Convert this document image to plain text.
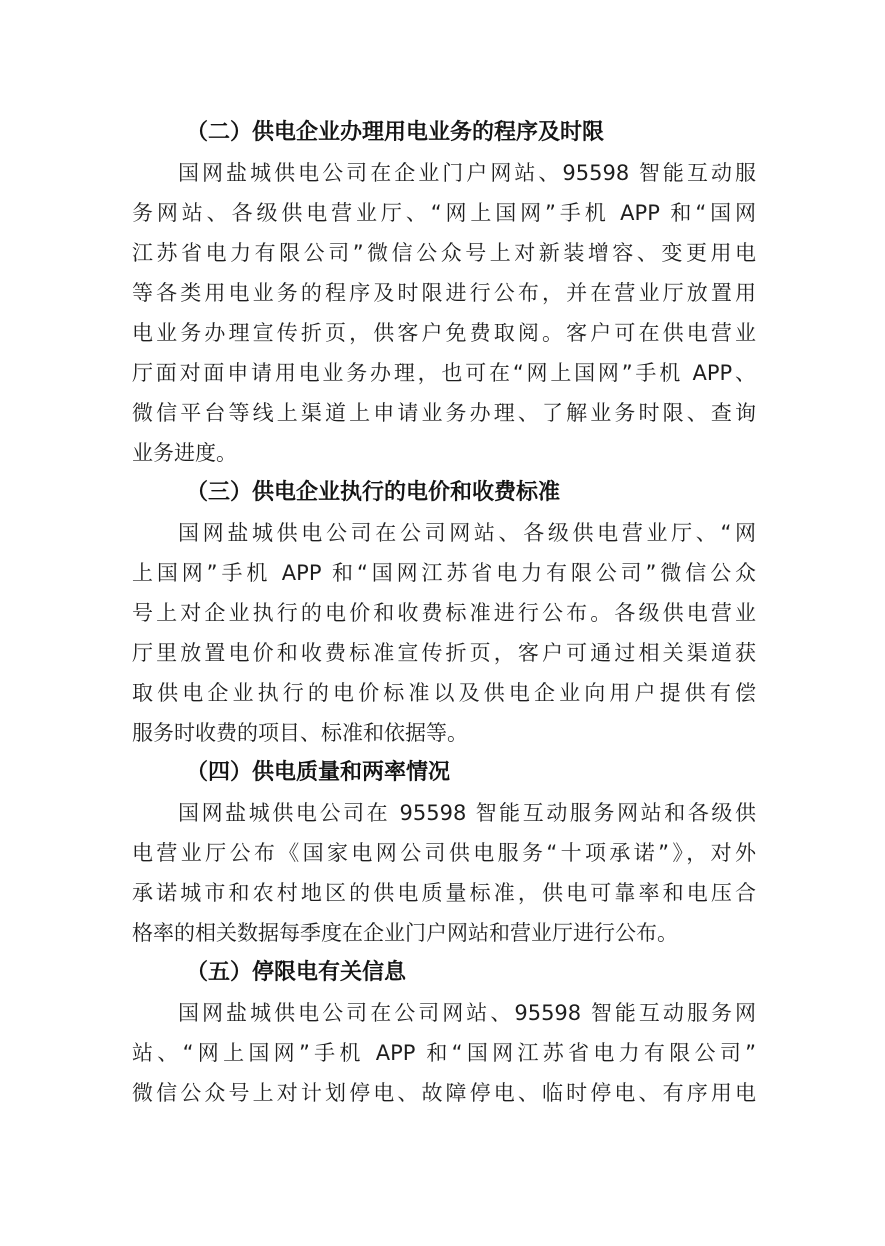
（二）供电企业办理用电业务的程序及时限

国网盐城供电公司在企业门户网站、95598 智能互动服
务网站、各级供电营业厅、“网上国网”手机 APP 和“国网
江苏省电力有限公司”微信公众号上对新装增容、变更用电
等各类用电业务的程序及时限进行公布，并在营业厅放置用
电业务办理宣传折页，供客户免费取阅。客户可在供电营业
厅面对面申请用电业务办理，也可在“网上国网”手机 APP、
微信平台等线上渠道上申请业务办理、了解业务时限、查询
业务进度。

（三）供电企业执行的电价和收费标准

国网盐城供电公司在公司网站、各级供电营业厅、“网
上国网”手机 APP 和“国网江苏省电力有限公司”微信公众
号上对企业执行的电价和收费标准进行公布。各级供电营业
厅里放置电价和收费标准宣传折页，客户可通过相关渠道获
取供电企业执行的电价标准以及供电企业向用户提供有偿
服务时收费的项目、标准和依据等。

（四）供电质量和两率情况

国网盐城供电公司在 95598 智能互动服务网站和各级供
电营业厅公布《国家电网公司供电服务“十项承诺”》，对外
承诺城市和农村地区的供电质量标准，供电可靠率和电压合
格率的相关数据每季度在企业门户网站和营业厅进行公布。

（五）停限电有关信息

国网盐城供电公司在公司网站、95598 智能互动服务网
站、“网上国网”手机 APP 和“国网江苏省电力有限公司”
微信公众号上对计划停电、故障停电、临时停电、有序用电
